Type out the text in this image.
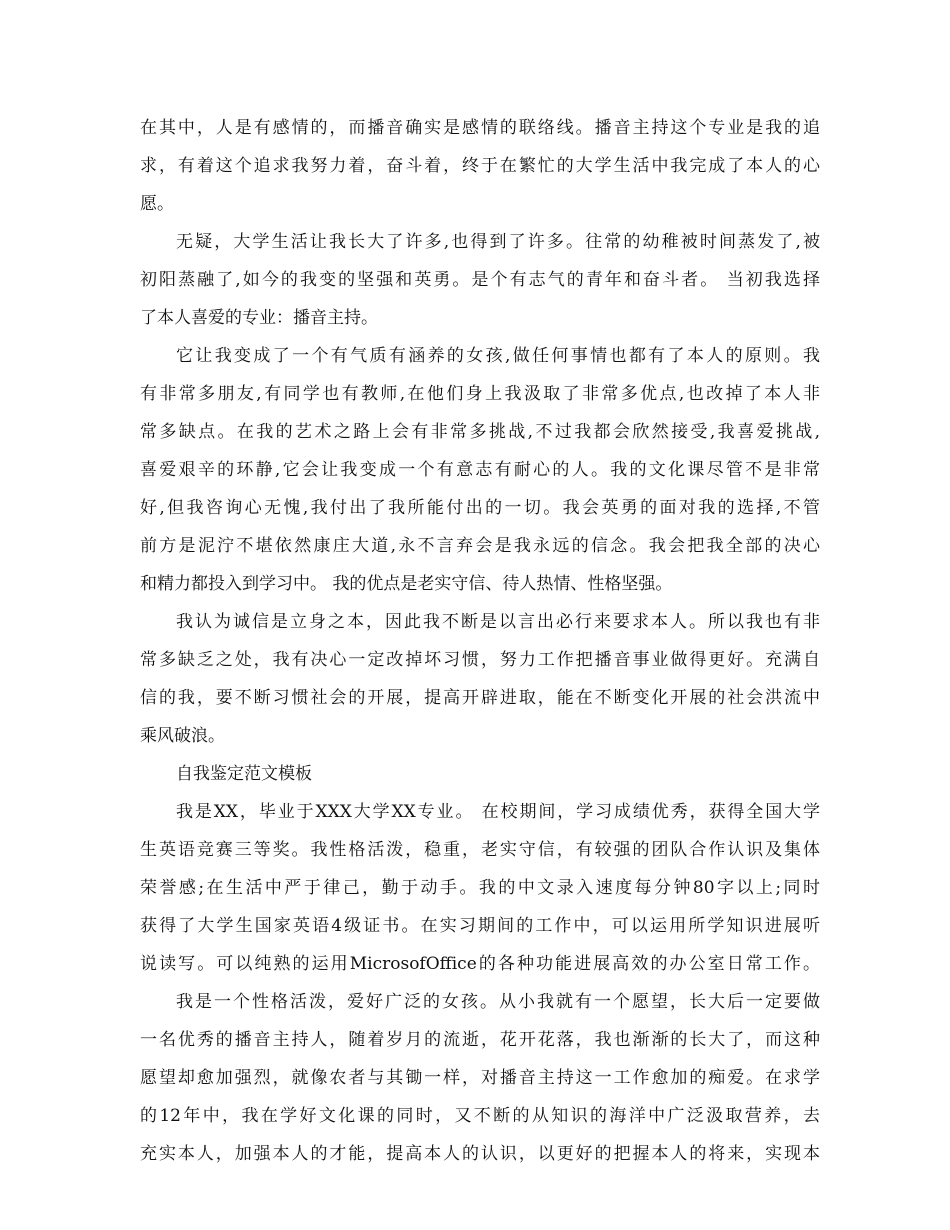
在其中，人是有感情的，而播音确实是感情的联络线。播音主持这个专业是我的追

求，有着这个追求我努力着，奋斗着，终于在繁忙的大学生活中我完成了本人的心

愿。

无疑，大学生活让我长大了许多,也得到了许多。往常的幼稚被时间蒸发了,被

初阳蒸融了,如今的我变的坚强和英勇。是个有志气的青年和奋斗者。 当初我选择

了本人喜爱的专业：播音主持。

它让我变成了一个有气质有涵养的女孩,做任何事情也都有了本人的原则。我

有非常多朋友,有同学也有教师,在他们身上我汲取了非常多优点,也改掉了本人非

常多缺点。在我的艺术之路上会有非常多挑战,不过我都会欣然接受,我喜爱挑战,

喜爱艰辛的环静,它会让我变成一个有意志有耐心的人。我的文化课尽管不是非常

好,但我咨询心无愧,我付出了我所能付出的一切。我会英勇的面对我的选择,不管

前方是泥泞不堪依然康庄大道,永不言弃会是我永远的信念。我会把我全部的决心

和精力都投入到学习中。 我的优点是老实守信、待人热情、性格坚强。

我认为诚信是立身之本，因此我不断是以言出必行来要求本人。所以我也有非

常多缺乏之处，我有决心一定改掉坏习惯，努力工作把播音事业做得更好。充满自

信的我，要不断习惯社会的开展，提高开辟进取，能在不断变化开展的社会洪流中

乘风破浪。

自我鉴定范文模板

我是XX，毕业于XXX大学XX专业。 在校期间，学习成绩优秀，获得全国大学

生英语竞赛三等奖。我性格活泼，稳重，老实守信，有较强的团队合作认识及集体

荣誉感;在生活中严于律己，勤于动手。我的中文录入速度每分钟80字以上;同时

获得了大学生国家英语4级证书。在实习期间的工作中，可以运用所学知识进展听

说读写。可以纯熟的运用MicrosofOffice的各种功能进展高效的办公室日常工作。

我是一个性格活泼，爱好广泛的女孩。从小我就有一个愿望，长大后一定要做

一名优秀的播音主持人，随着岁月的流逝，花开花落，我也渐渐的长大了，而这种

愿望却愈加强烈，就像农者与其锄一样，对播音主持这一工作愈加的痴爱。在求学

的12年中，我在学好文化课的同时，又不断的从知识的海洋中广泛汲取营养，去

充实本人，加强本人的才能，提高本人的认识，以更好的把握本人的将来，实现本
